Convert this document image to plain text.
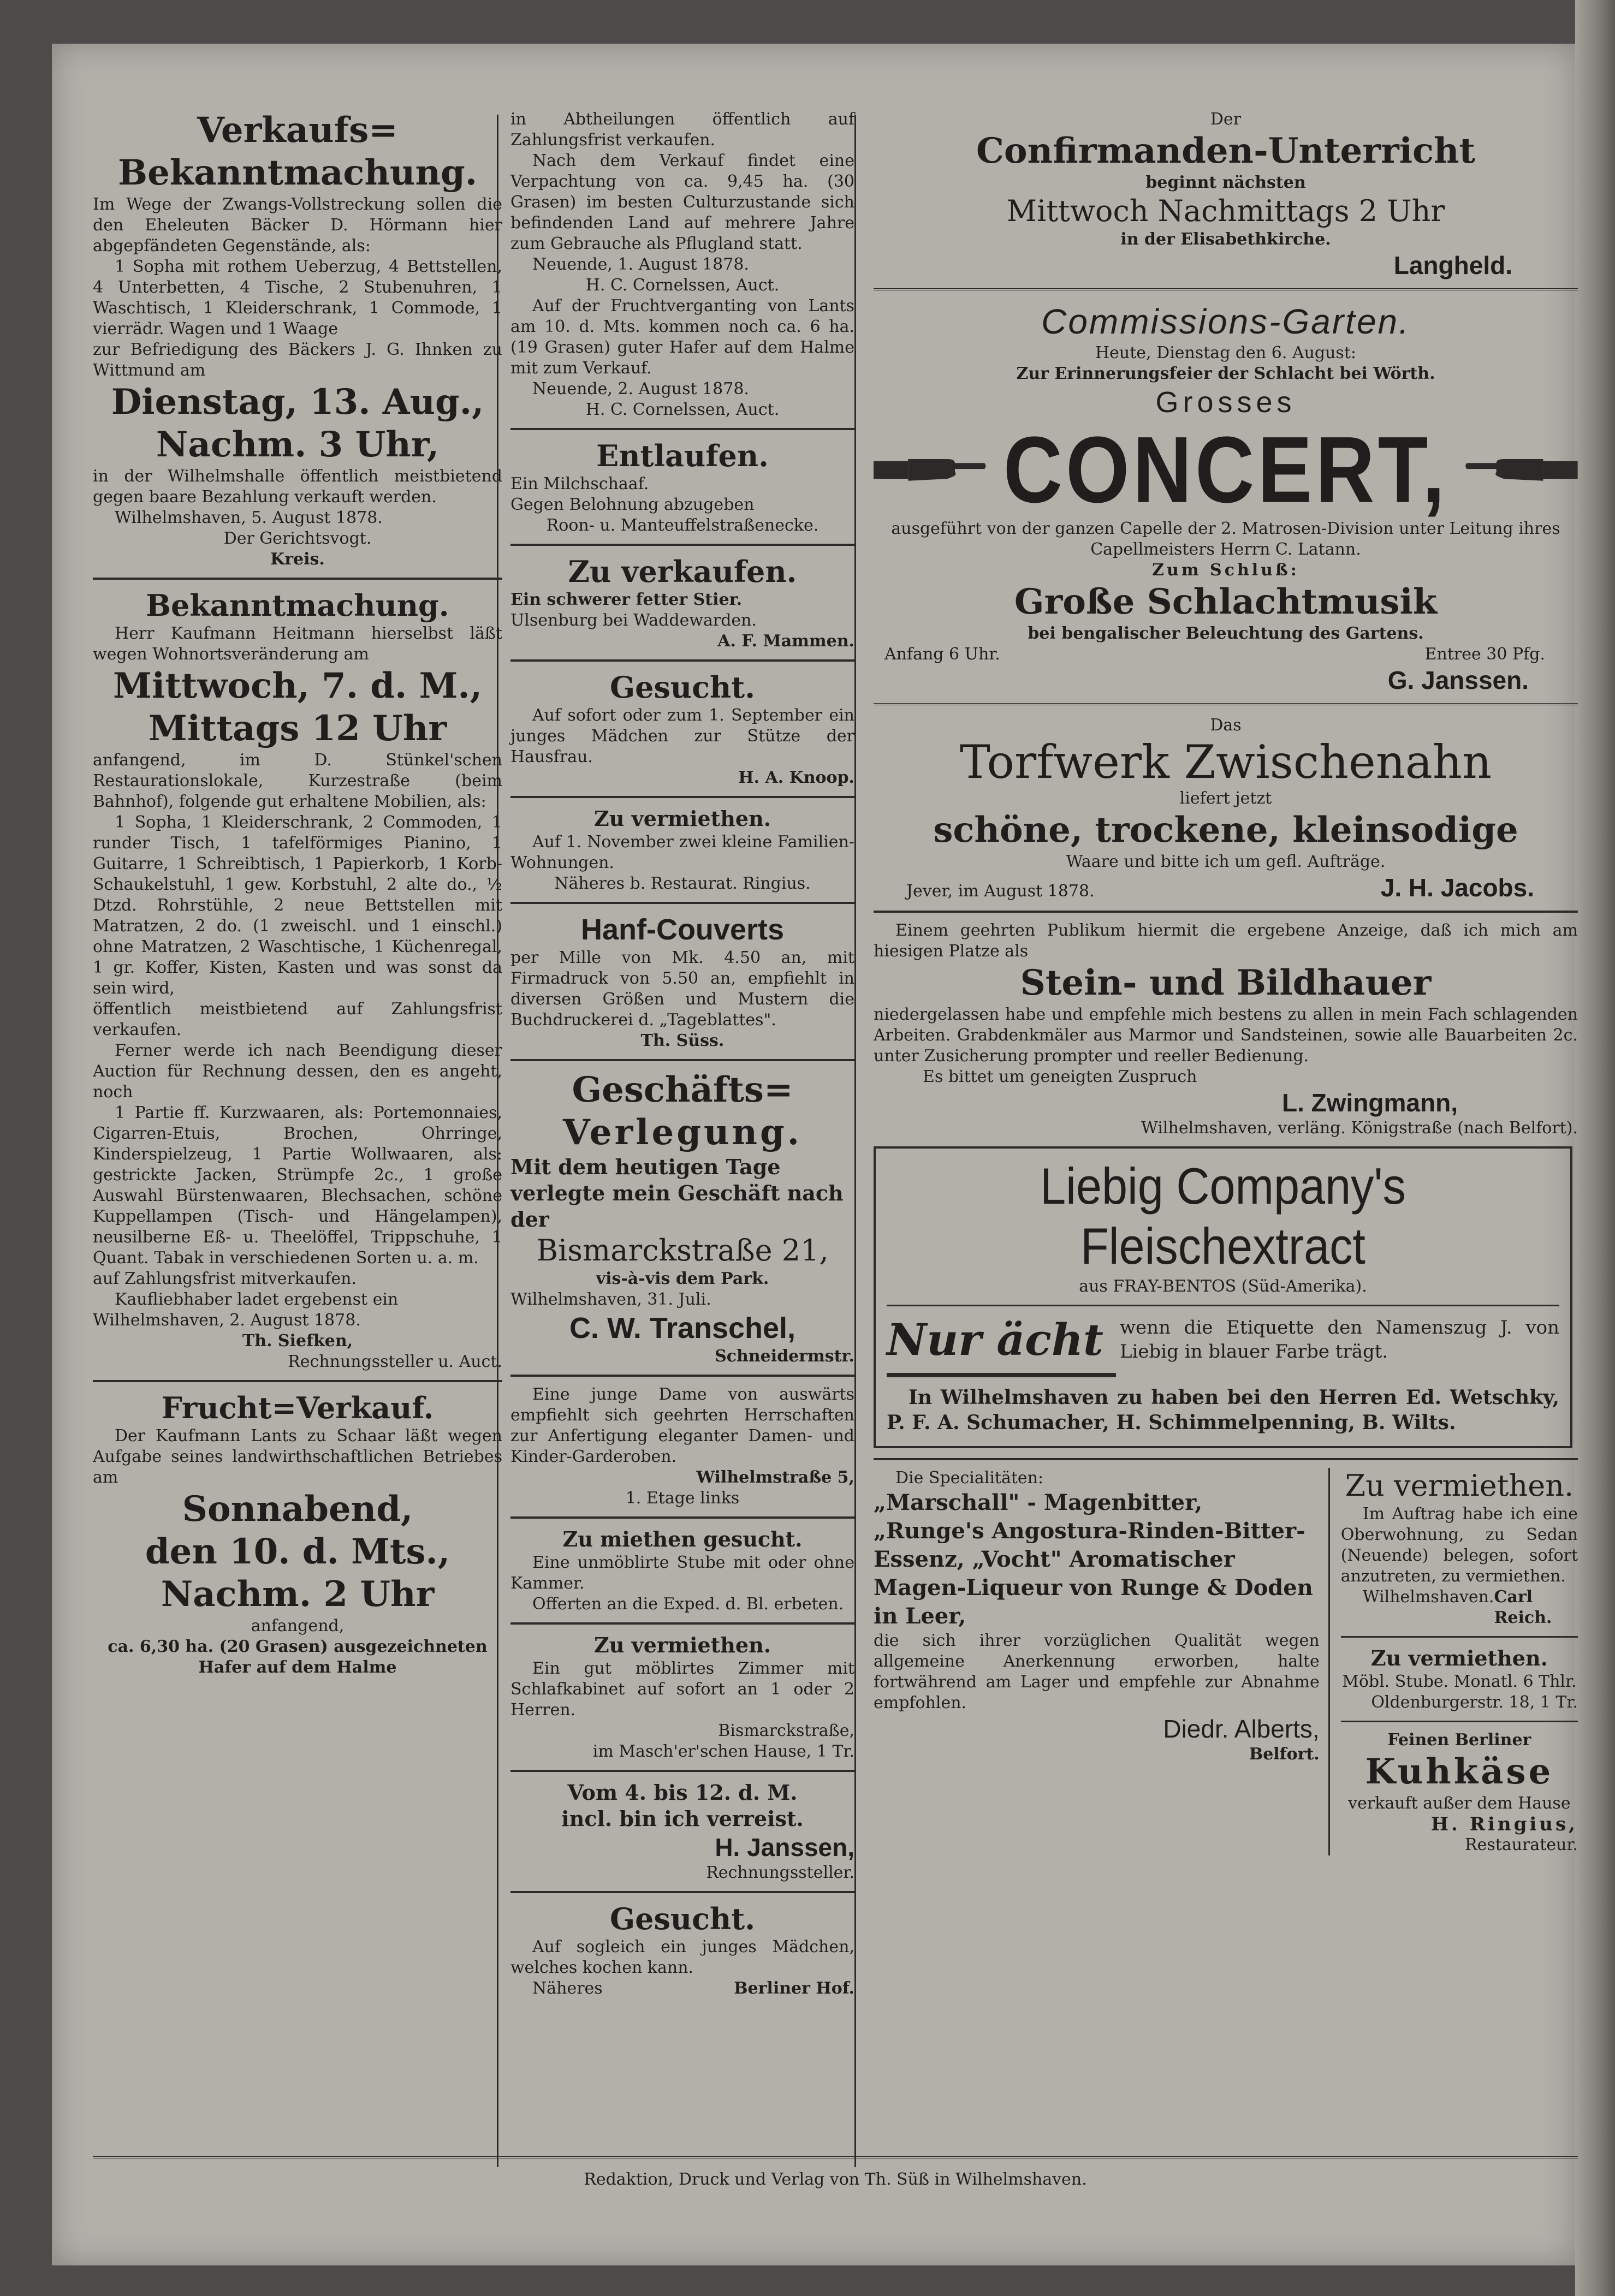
Verkaufs=
Bekanntmachung.

Im Wege der Zwangs-Vollstreckung sollen die den Eheleuten Bäcker D. Hörmann hier abgepfändeten Gegenstände, als:

1 Sopha mit rothem Ueberzug, 4 Bettstellen, 4 Unterbetten, 4 Tische, 2 Stubenuhren, 1 Waschtisch, 1 Kleiderschrank, 1 Commode, 1 vierrädr. Wagen und 1 Waage

zur Befriedigung des Bäckers J. G. Ihnken zu Wittmund am

Dienstag, 13. Aug.,

Nachm. 3 Uhr,

in der Wilhelmshalle öffentlich meistbietend gegen baare Bezahlung verkauft werden.

Wilhelmshaven, 5. August 1878.

Der Gerichtsvogt.

Kreis.

Bekanntmachung.

Herr Kaufmann Heitmann hierselbst läßt wegen Wohnortsveränderung am

Mittwoch, 7. d. M.,

Mittags 12 Uhr

anfangend, im D. Stünkel'schen Restaurationslokale, Kurzestraße (beim Bahnhof), folgende gut erhaltene Mobilien, als:

1 Sopha, 1 Kleiderschrank, 2 Commoden, 1 runder Tisch, 1 tafelförmiges Pianino, 1 Guitarre, 1 Schreibtisch, 1 Papierkorb, 1 Korb-Schaukelstuhl, 1 gew. Korbstuhl, 2 alte do., ½ Dtzd. Rohrstühle, 2 neue Bettstellen mit Matratzen, 2 do. (1 zweischl. und 1 einschl.) ohne Matratzen, 2 Waschtische, 1 Küchenregal, 1 gr. Koffer, Kisten, Kasten und was sonst da sein wird,

öffentlich meistbietend auf Zahlungsfrist verkaufen.

Ferner werde ich nach Beendigung dieser Auction für Rechnung dessen, den es angeht, noch

1 Partie ff. Kurzwaaren, als: Portemonnaies, Cigarren-Etuis, Brochen, Ohrringe, Kinderspielzeug, 1 Partie Wollwaaren, als: gestrickte Jacken, Strümpfe 2c., 1 große Auswahl Bürstenwaaren, Blechsachen, schöne Kuppellampen (Tisch- und Hängelampen), neusilberne Eß- u. Theelöffel, Trippschuhe, 1 Quant. Tabak in verschiedenen Sorten u. a. m.

auf Zahlungsfrist mitverkaufen.

Kaufliebhaber ladet ergebenst ein

Wilhelmshaven, 2. August 1878.

Th. Siefken,

Rechnungssteller u. Auct.

Frucht=Verkauf.

Der Kaufmann Lants zu Schaar läßt wegen Aufgabe seines landwirthschaftlichen Betriebes am

Sonnabend,

den 10. d. Mts.,

Nachm. 2 Uhr

anfangend,

ca. 6,30 ha. (20 Grasen) ausgezeichneten Hafer auf dem Halme

in Abtheilungen öffentlich auf Zahlungsfrist verkaufen.

Nach dem Verkauf findet eine Verpachtung von ca. 9,45 ha. (30 Grasen) im besten Culturzustande sich befindenden Land auf mehrere Jahre zum Gebrauche als Pflugland statt.

Neuende, 1. August 1878.

H. C. Cornelssen, Auct.

Auf der Fruchtverganting von Lants am 10. d. Mts. kommen noch ca. 6 ha. (19 Grasen) guter Hafer auf dem Halme mit zum Verkauf.

Neuende, 2. August 1878.

H. C. Cornelssen, Auct.

Entlaufen.

Ein Milchschaaf.

Gegen Belohnung abzugeben

Roon- u. Manteuffelstraßenecke.

Zu verkaufen.

Ein schwerer fetter Stier.

Ulsenburg bei Waddewarden.

A. F. Mammen.

Gesucht.

Auf sofort oder zum 1. September ein junges Mädchen zur Stütze der Hausfrau.

H. A. Knoop.

Zu vermiethen.

Auf 1. November zwei kleine Familien-Wohnungen.

Näheres b. Restaurat. Ringius.

Hanf-Couverts

per Mille von Mk. 4.50 an, mit Firmadruck von 5.50 an, empfiehlt in diversen Größen und Mustern die Buchdruckerei d. „Tageblattes".

Th. Süss.

Geschäfts=

Verlegung.

Mit dem heutigen Tage verlegte mein Geschäft nach der

Bismarckstraße 21,

vis-à-vis dem Park.

Wilhelmshaven, 31. Juli.

C. W. Transchel,

Schneidermstr.

Eine junge Dame von auswärts empfiehlt sich geehrten Herrschaften zur Anfertigung eleganter Damen- und Kinder-Garderoben.

Wilhelmstraße 5,

1. Etage links

Zu miethen gesucht.

Eine unmöblirte Stube mit oder ohne Kammer.

Offerten an die Exped. d. Bl. erbeten.

Zu vermiethen.

Ein gut möblirtes Zimmer mit Schlafkabinet auf sofort an 1 oder 2 Herren.

Bismarckstraße,

im Masch'er'schen Hause, 1 Tr.

Vom 4. bis 12. d. M.

incl. bin ich verreist.

H. Janssen,

Rechnungssteller.

Gesucht.

Auf sogleich ein junges Mädchen, welches kochen kann.

Näheres	Berliner Hof.

Der

Confirmanden-Unterricht

beginnt nächsten

Mittwoch Nachmittags 2 Uhr

in der Elisabethkirche.

Langheld.

Commissions-Garten.

Heute, Dienstag den 6. August:

Zur Erinnerungsfeier der Schlacht bei Wörth.

Grosses

CONCERT,

ausgeführt von der ganzen Capelle der 2. Matrosen-Division unter Leitung ihres Capellmeisters Herrn C. Latann.

Zum Schluß:

Große Schlachtmusik

bei bengalischer Beleuchtung des Gartens.

Anfang 6 Uhr.	Entree 30 Pfg.

G. Janssen.

Das

Torfwerk Zwischenahn

liefert jetzt

schöne, trockene, kleinsodige

Waare und bitte ich um gefl. Aufträge.

Jever, im August 1878.	J. H. Jacobs.

Einem geehrten Publikum hiermit die ergebene Anzeige, daß ich mich am hiesigen Platze als

Stein- und Bildhauer

niedergelassen habe und empfehle mich bestens zu allen in mein Fach schlagenden Arbeiten. Grabdenkmäler aus Marmor und Sandsteinen, sowie alle Bauarbeiten 2c. unter Zusicherung prompter und reeller Bedienung.

Es bittet um geneigten Zuspruch

L. Zwingmann,

Wilhelmshaven, verläng. Königstraße (nach Belfort).

Liebig Company's Fleischextract

aus FRAY-BENTOS (Süd-Amerika).

Nur ächt wenn die Etiquette den Namenszug J. von Liebig in blauer Farbe trägt.

In Wilhelmshaven zu haben bei den Herren Ed. Wetschky, P. F. A. Schumacher, H. Schimmelpenning, B. Wilts.

Die Specialitäten:

„Marschall" - Magenbitter, „Runge's Angostura-Rinden-Bitter-Essenz, „Vocht" Aromatischer Magen-Liqueur von Runge & Doden in Leer,

die sich ihrer vorzüglichen Qualität wegen allgemeine Anerkennung erworben, halte fortwährend am Lager und empfehle zur Abnahme empfohlen.

Diedr. Alberts,

Belfort.

Zu vermiethen.

Im Auftrag habe ich eine Oberwohnung, zu Sedan (Neuende) belegen, sofort anzutreten, zu vermiethen.

Wilhelmshaven. Carl Reich.

Zu vermiethen.

Möbl. Stube. Monatl. 6 Thlr.

Oldenburgerstr. 18, 1 Tr.

Feinen Berliner

Kuhkäse

verkauft außer dem Hause

H. Ringius,

Restaurateur.

Redaktion, Druck und Verlag von Th. Süß in Wilhelmshaven.
